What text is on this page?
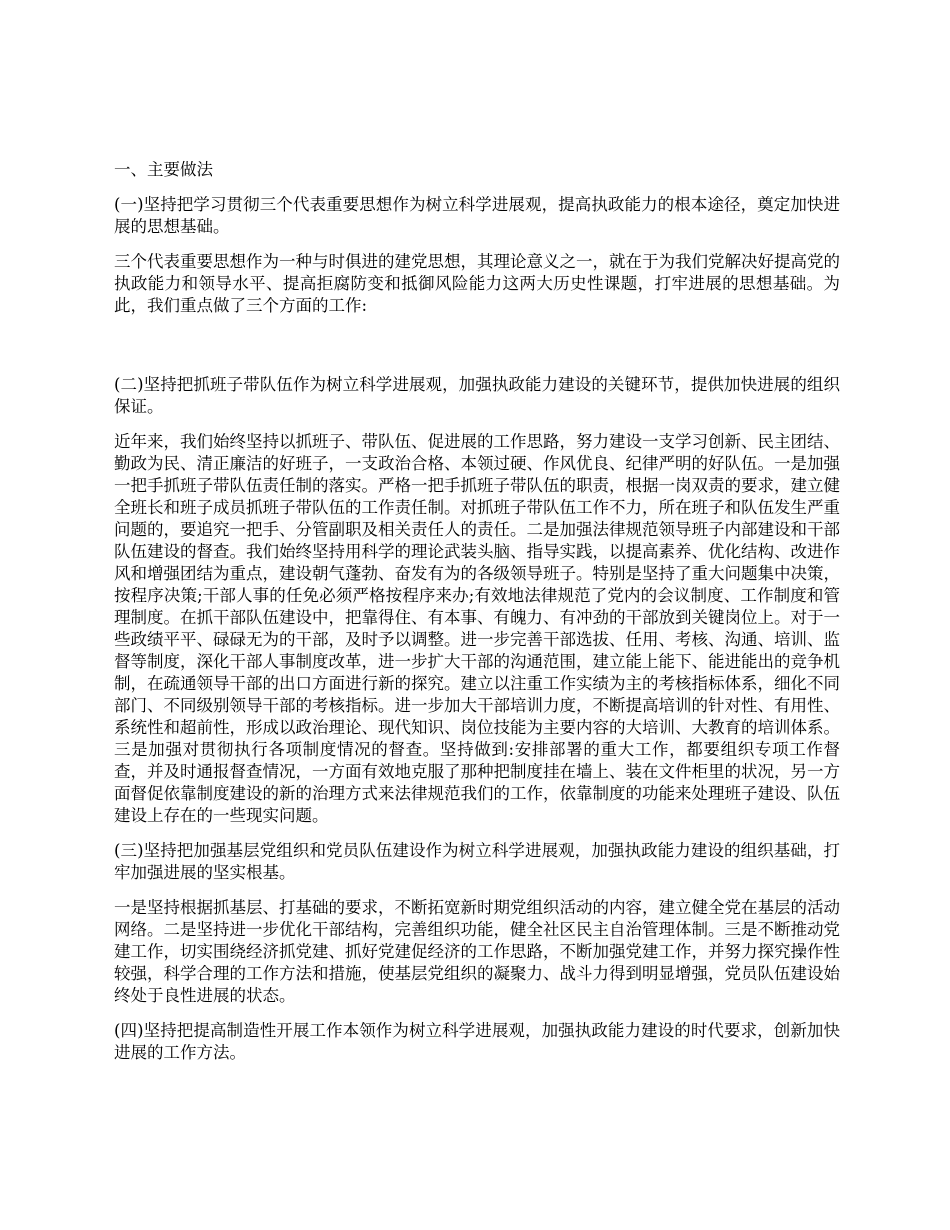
一、主要做法

(一)坚持把学习贯彻三个代表重要思想作为树立科学进展观，提高执政能力的根本途径，奠定加快进展的思想基础。

三个代表重要思想作为一种与时俱进的建党思想，其理论意义之一，就在于为我们党解决好提高党的执政能力和领导水平、提高拒腐防变和抵御风险能力这两大历史性课题，打牢进展的思想基础。为此，我们重点做了三个方面的工作:

(二)坚持把抓班子带队伍作为树立科学进展观，加强执政能力建设的关键环节，提供加快进展的组织保证。

近年来，我们始终坚持以抓班子、带队伍、促进展的工作思路，努力建设一支学习创新、民主团结、勤政为民、清正廉洁的好班子，一支政治合格、本领过硬、作风优良、纪律严明的好队伍。一是加强一把手抓班子带队伍责任制的落实。严格一把手抓班子带队伍的职责，根据一岗双责的要求，建立健全班长和班子成员抓班子带队伍的工作责任制。对抓班子带队伍工作不力，所在班子和队伍发生严重问题的，要追究一把手、分管副职及相关责任人的责任。二是加强法律规范领导班子内部建设和干部队伍建设的督查。我们始终坚持用科学的理论武装头脑、指导实践，以提高素养、优化结构、改进作风和增强团结为重点，建设朝气蓬勃、奋发有为的各级领导班子。特别是坚持了重大问题集中决策，按程序决策;干部人事的任免必须严格按程序来办;有效地法律规范了党内的会议制度、工作制度和管理制度。在抓干部队伍建设中，把靠得住、有本事、有魄力、有冲劲的干部放到关键岗位上。对于一些政绩平平、碌碌无为的干部，及时予以调整。进一步完善干部选拔、任用、考核、沟通、培训、监督等制度，深化干部人事制度改革，进一步扩大干部的沟通范围，建立能上能下、能进能出的竞争机制，在疏通领导干部的出口方面进行新的探究。建立以注重工作实绩为主的考核指标体系，细化不同部门、不同级别领导干部的考核指标。进一步加大干部培训力度，不断提高培训的针对性、有用性、系统性和超前性，形成以政治理论、现代知识、岗位技能为主要内容的大培训、大教育的培训体系。三是加强对贯彻执行各项制度情况的督查。坚持做到:安排部署的重大工作，都要组织专项工作督查，并及时通报督查情况，一方面有效地克服了那种把制度挂在墙上、装在文件柜里的状况，另一方面督促依靠制度建设的新的治理方式来法律规范我们的工作，依靠制度的功能来处理班子建设、队伍建设上存在的一些现实问题。

(三)坚持把加强基层党组织和党员队伍建设作为树立科学进展观，加强执政能力建设的组织基础，打牢加强进展的坚实根基。

一是坚持根据抓基层、打基础的要求，不断拓宽新时期党组织活动的内容，建立健全党在基层的活动网络。二是坚持进一步优化干部结构，完善组织功能，健全社区民主自治管理体制。三是不断推动党建工作，切实围绕经济抓党建、抓好党建促经济的工作思路，不断加强党建工作，并努力探究操作性较强，科学合理的工作方法和措施，使基层党组织的凝聚力、战斗力得到明显增强，党员队伍建设始终处于良性进展的状态。

(四)坚持把提高制造性开展工作本领作为树立科学进展观，加强执政能力建设的时代要求，创新加快进展的工作方法。
